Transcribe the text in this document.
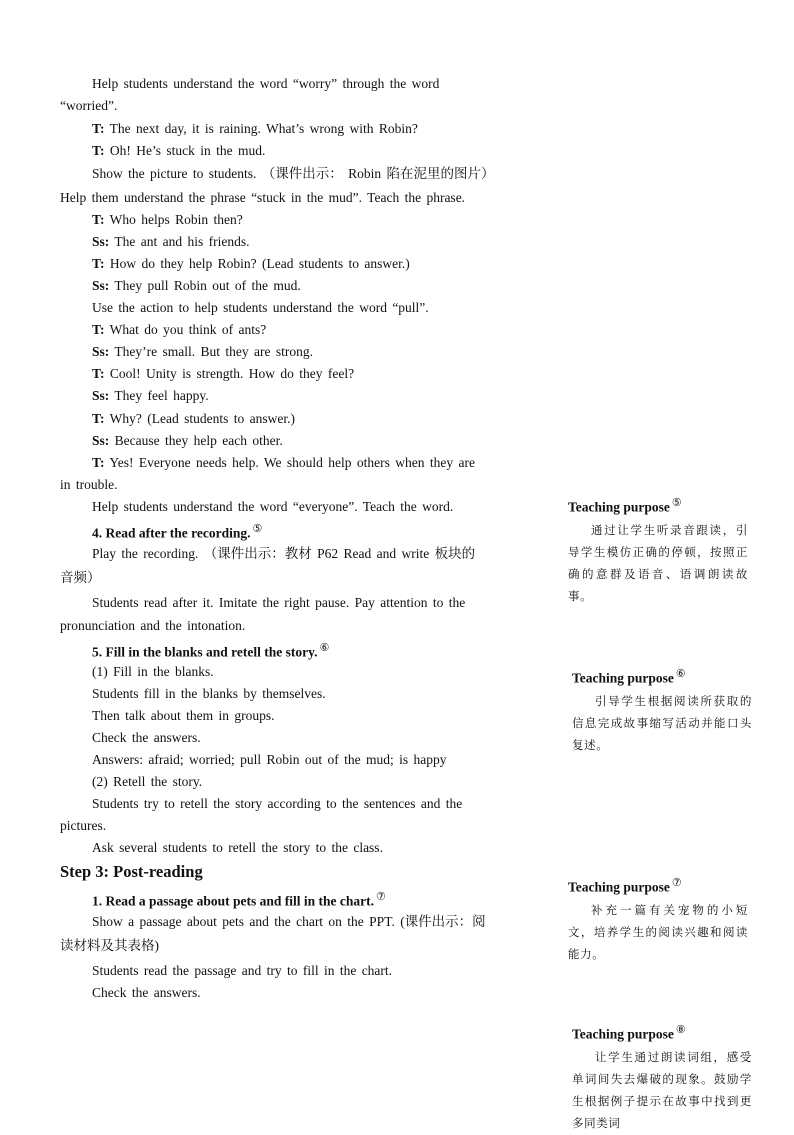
Help students understand the word “worry” through the word
“worried”.
T: The next day, it is raining. What’s wrong with Robin?
T: Oh! He’s stuck in the mud.
Show the picture to students. （课件出示： Robin 陷在泥里的图片）
Help them understand the phrase “stuck in the mud”. Teach the phrase.
T: Who helps Robin then?
Ss: The ant and his friends.
T: How do they help Robin? (Lead students to answer.)
Ss: They pull Robin out of the mud.
Use the action to help students understand the word “pull”.
T: What do you think of ants?
Ss: They’re small. But they are strong.
T: Cool! Unity is strength. How do they feel?
Ss: They feel happy.
T: Why? (Lead students to answer.)
Ss: Because they help each other.
T: Yes! Everyone needs help. We should help others when they are
in trouble.
Help students understand the word “everyone”. Teach the word.
4. Read after the recording. ⑤
Play the recording. （课件出示：教材 P62 Read and write 板块的
音频）
Students read after it. Imitate the right pause. Pay attention to the
pronunciation and the intonation.
5. Fill in the blanks and retell the story. ⑥
(1) Fill in the blanks.
Students fill in the blanks by themselves.
Then talk about them in groups.
Check the answers.
Answers: afraid; worried; pull Robin out of the mud; is happy
(2) Retell the story.
Students try to retell the story according to the sentences and the
pictures.
Ask several students to retell the story to the class.
Step 3: Post-reading
1. Read a passage about pets and fill in the chart. ⑦
Show a passage about pets and the chart on the PPT. (课件出示：阅
读材料及其表格)
Students read the passage and try to fill in the chart.
Check the answers.
Teaching purpose ⑤
通过让学生听录音跟读，引导学生模仿正确的停顿，按照正确的意群及语音、语调朗读故事。
Teaching purpose ⑥
引导学生根据阅读所获取的信息完成故事缩写活动并能口头复述。
Teaching purpose ⑦
补充一篇有关宠物的小短文，培养学生的阅读兴趣和阅读能力。
Teaching purpose ⑧
让学生通过朗读词组，感受单词间失去爆破的现象。鼓励学生根据例子提示在故事中找到更多同类词
